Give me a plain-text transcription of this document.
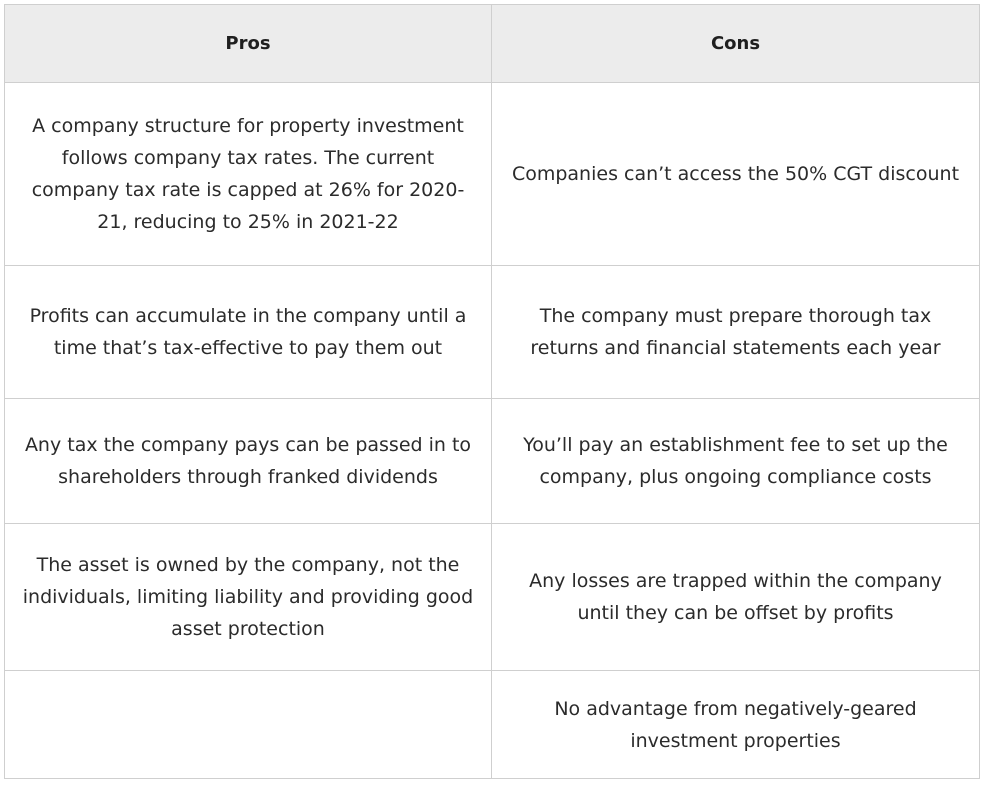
Pros	Cons
A company structure for property investment follows company tax rates. The current company tax rate is capped at 26% for 2020-21, reducing to 25% in 2021-22	Companies can’t access the 50% CGT discount
Profits can accumulate in the company until a time that’s tax-effective to pay them out	The company must prepare thorough tax returns and financial statements each year
Any tax the company pays can be passed in to shareholders through franked dividends	You’ll pay an establishment fee to set up the company, plus ongoing compliance costs
The asset is owned by the company, not the individuals, limiting liability and providing good asset protection	Any losses are trapped within the company until they can be offset by profits
	No advantage from negatively-geared investment properties
